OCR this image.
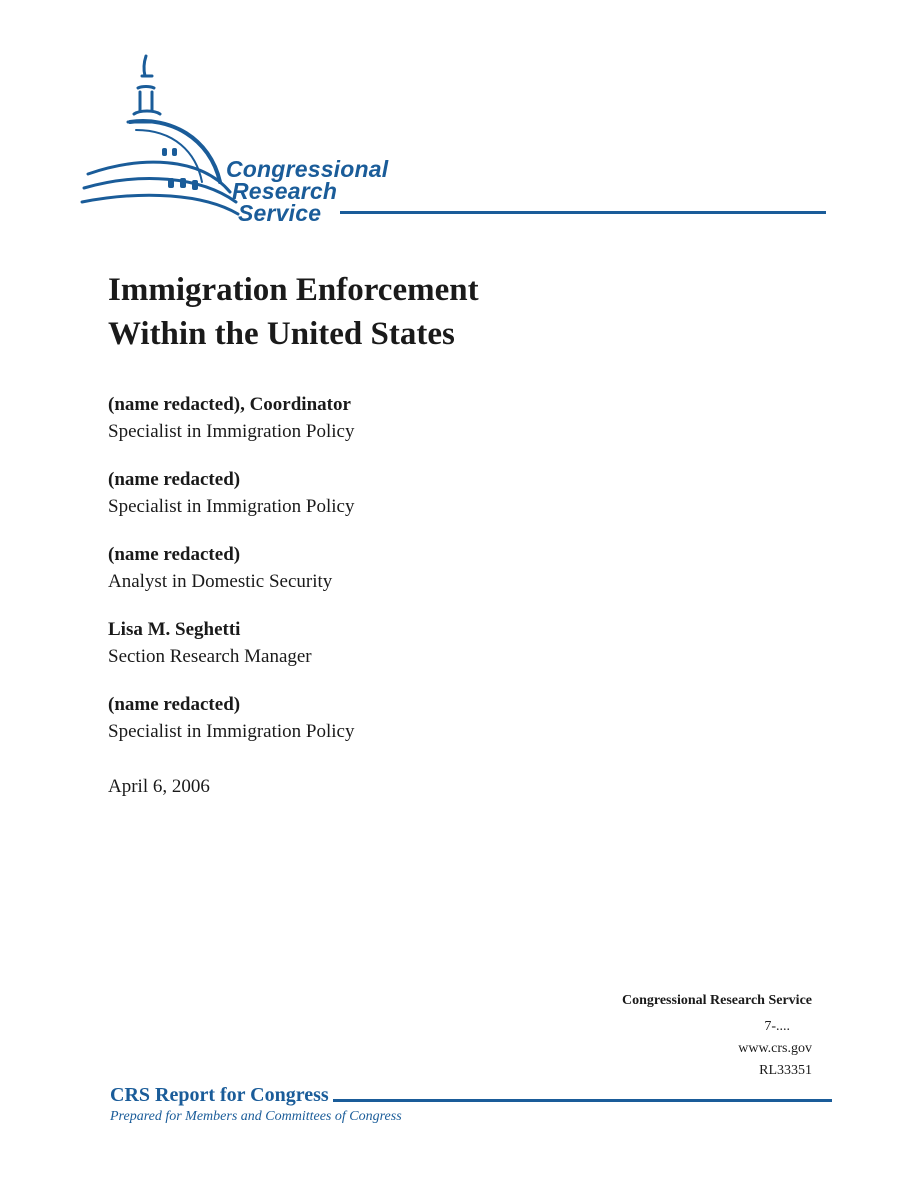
Congressional
Research
Service
Immigration Enforcement
Within the United States
(name redacted), Coordinator
Specialist in Immigration Policy
(name redacted)
Specialist in Immigration Policy
(name redacted)
Analyst in Domestic Security
Lisa M. Seghetti
Section Research Manager
(name redacted)
Specialist in Immigration Policy
April 6, 2006
Congressional Research Service
7-....
www.crs.gov
RL33351
CRS Report for Congress
Prepared for Members and Committees of Congress
